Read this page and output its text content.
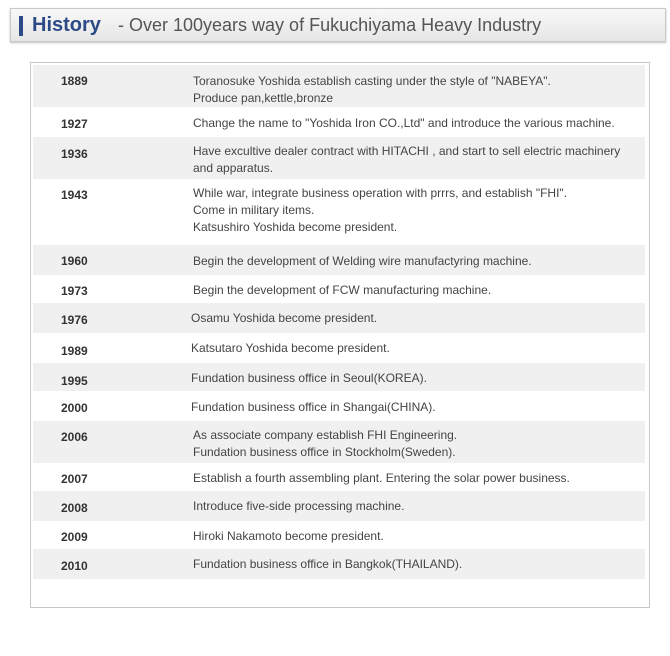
History - Over 100years way of Fukuchiyama Heavy Industry
1889	Toranosuke Yoshida establish casting under the style of "NABEYA".
Produce pan,kettle,bronze
1927	Change the name to "Yoshida Iron CO.,Ltd" and introduce the various machine.
1936	Have excultive dealer contract with HITACHI , and start to sell electric machinery
and apparatus.
1943	While war, integrate business operation with prrrs, and establish "FHI".
Come in military items.
Katsushiro Yoshida become president.
1960	Begin the development of Welding wire manufactyring machine.
1973	Begin the development of FCW manufacturing machine.
1976	Osamu Yoshida become president.
1989	Katsutaro Yoshida become president.
1995	Fundation business office in Seoul(KOREA).
2000	Fundation business office in Shangai(CHINA).
2006	As associate company establish FHI Engineering.
Fundation business office in Stockholm(Sweden).
2007	Establish a fourth assembling plant. Entering the solar power business.
2008	Introduce five-side processing machine.
2009	Hiroki Nakamoto become president.
2010	Fundation business office in Bangkok(THAILAND).
